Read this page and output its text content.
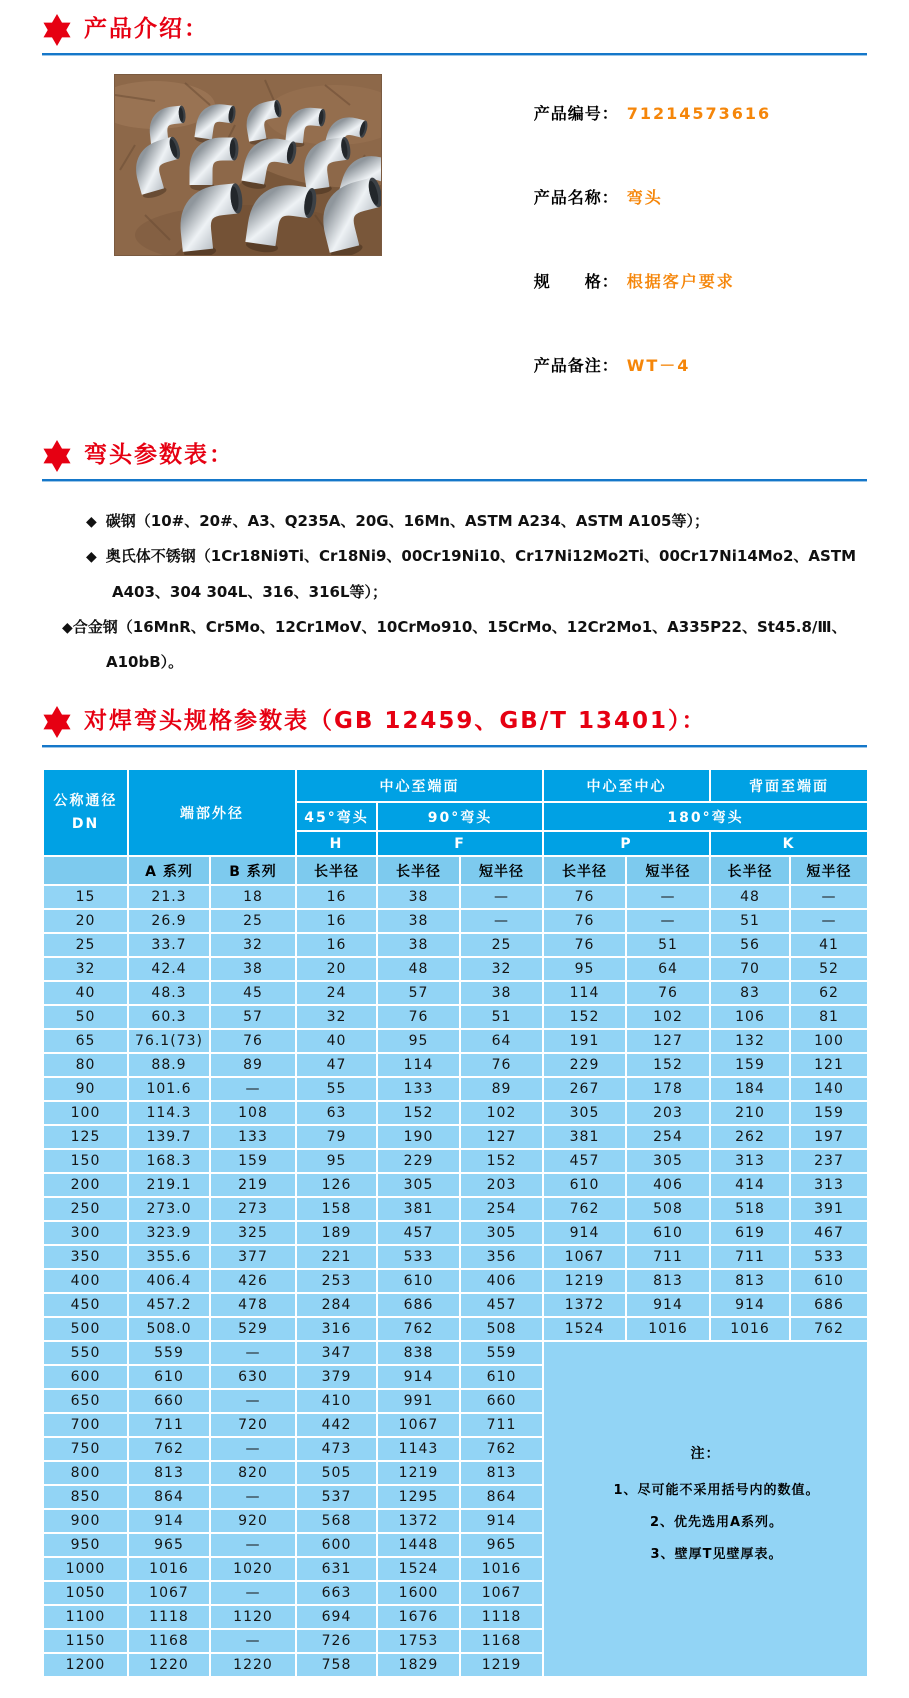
产品介绍：

产品编号： 71214573616

产品名称： 弯头

规　　格： 根据客户要求

产品备注： WT－4

弯头参数表：

◆ 碳钢（10#、20#、A3、Q235A、20G、16Mn、ASTM A234、ASTM A105等）；

◆ 奥氏体不锈钢（1Cr18Ni9Ti、Cr18Ni9、00Cr19Ni10、Cr17Ni12Mo2Ti、00Cr17Ni14Mo2、ASTM A403、304 304L、316、316L等）；

◆合金钢（16MnR、Cr5Mo、12Cr1MoV、10CrMo910、15CrMo、12Cr2Mo1、A335P22、St45.8/Ⅲ、A10bB）。

对焊弯头规格参数表（GB 12459、GB/T 13401）：
公称通径
DN	端部外径		中心至端面			中心至中心		背面至端面	
			45°弯头	90°弯头		180°弯头			
			H	F		P		K	
	A 系列	B 系列	长半径	长半径	短半径	长半径	短半径	长半径	短半径
15	21.3	18	16	38	—	76	—	48	—
20	26.9	25	16	38	—	76	—	51	—
25	33.7	32	16	38	25	76	51	56	41
32	42.4	38	20	48	32	95	64	70	52
40	48.3	45	24	57	38	114	76	83	62
50	60.3	57	32	76	51	152	102	106	81
65	76.1(73)	76	40	95	64	191	127	132	100
80	88.9	89	47	114	76	229	152	159	121
90	101.6	—	55	133	89	267	178	184	140
100	114.3	108	63	152	102	305	203	210	159
125	139.7	133	79	190	127	381	254	262	197
150	168.3	159	95	229	152	457	305	313	237
200	219.1	219	126	305	203	610	406	414	313
250	273.0	273	158	381	254	762	508	518	391
300	323.9	325	189	457	305	914	610	619	467
350	355.6	377	221	533	356	1067	711	711	533
400	406.4	426	253	610	406	1219	813	813	610
450	457.2	478	284	686	457	1372	914	914	686
500	508.0	529	316	762	508	1524	1016	1016	762
550	559	—	347	838	559	注：
1、尽可能不采用括号内的数值。
2、优先选用A系列。
3、壁厚T见壁厚表。			

600	610	630	379	914	610				
650	660	—	410	991	660				
700	711	720	442	1067	711				
750	762	—	473	1143	762				
800	813	820	505	1219	813				
850	864	—	537	1295	864				
900	914	920	568	1372	914				
950	965	—	600	1448	965				
1000	1016	1020	631	1524	1016				
1050	1067	—	663	1600	1067				
1100	1118	1120	694	1676	1118				
1150	1168	—	726	1753	1168				
1200	1220	1220	758	1829	1219				
